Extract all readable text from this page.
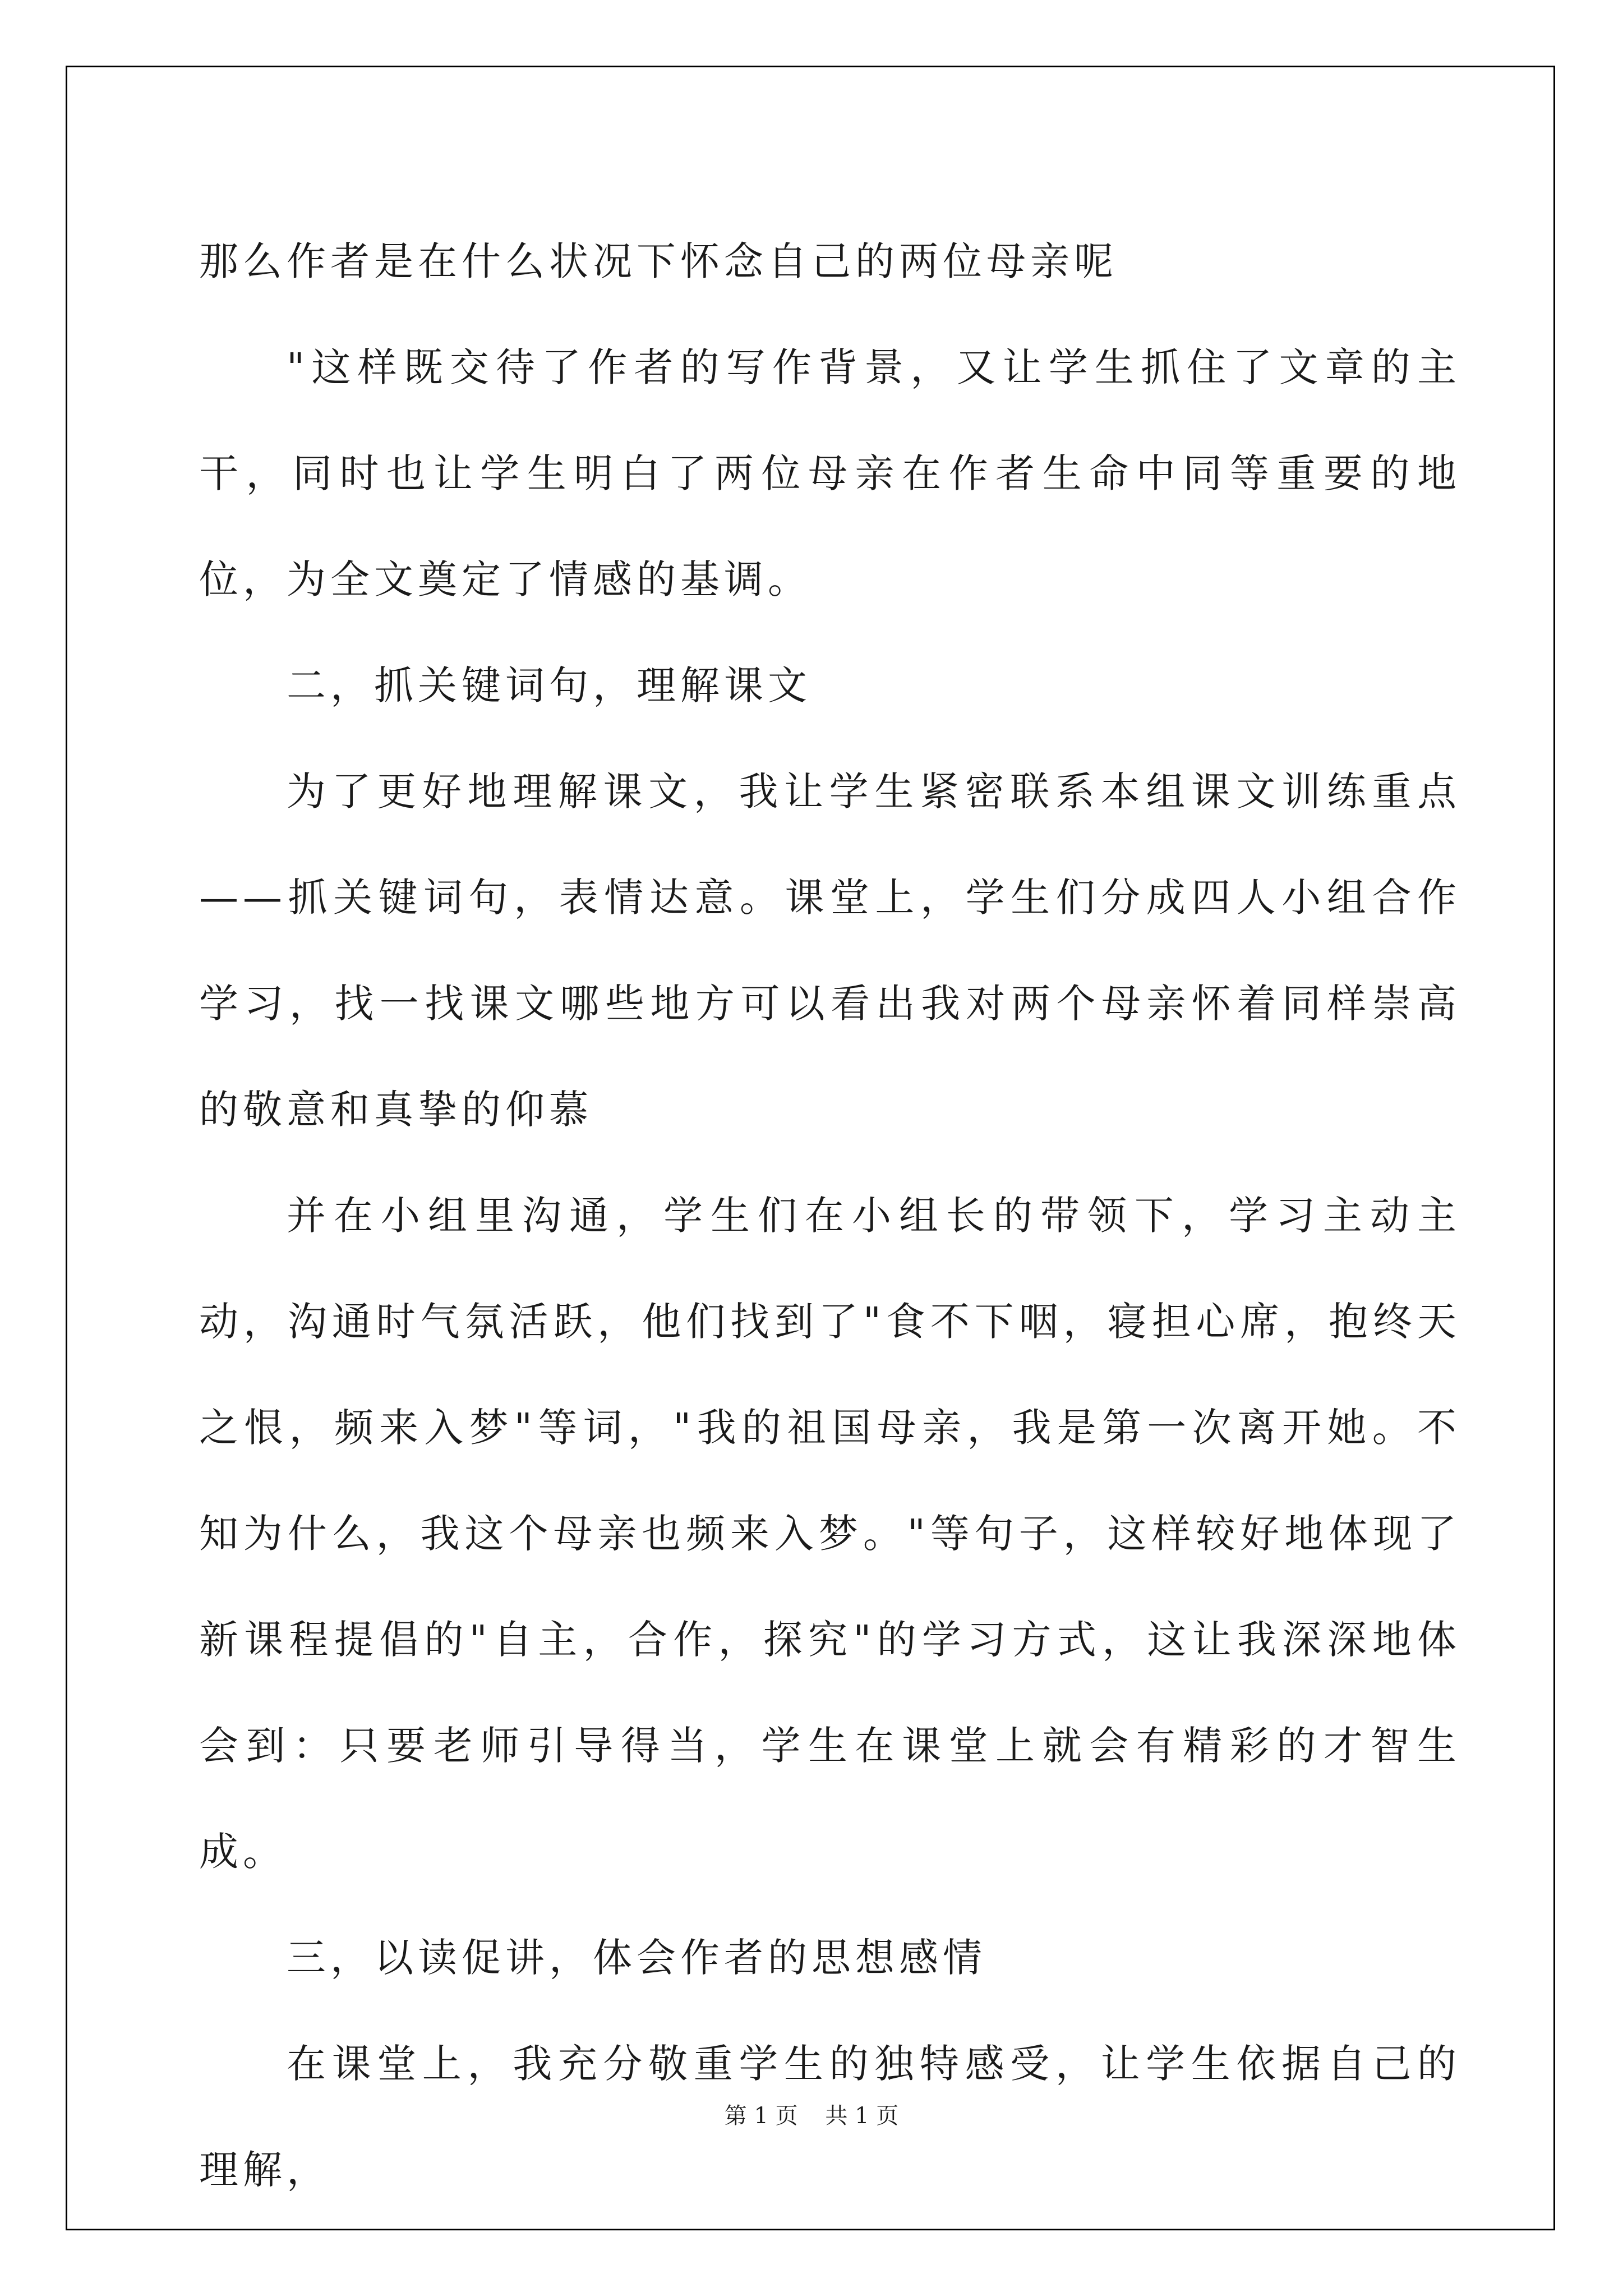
那么作者是在什么状况下怀念自己的两位母亲呢

"这样既交待了作者的写作背景，又让学生抓住了文章的主干，同时也让学生明白了两位母亲在作者生命中同等重要的地位，为全文奠定了情感的基调。

二，抓关键词句，理解课文

为了更好地理解课文，我让学生紧密联系本组课文训练重点——抓关键词句，表情达意。课堂上，学生们分成四人小组合作学习，找一找课文哪些地方可以看出我对两个母亲怀着同样崇高的敬意和真挚的仰慕

并在小组里沟通，学生们在小组长的带领下，学习主动主动，沟通时气氛活跃，他们找到了"食不下咽，寝担心席，抱终天之恨，频来入梦"等词，"我的祖国母亲，我是第一次离开她。不知为什么，我这个母亲也频来入梦。"等句子，这样较好地体现了新课程提倡的"自主，合作，探究"的学习方式，这让我深深地体会到：只要老师引导得当，学生在课堂上就会有精彩的才智生成。

三，以读促讲，体会作者的思想感情

在课堂上，我充分敬重学生的独特感受，让学生依据自己的理解，

第 1 页 共 1 页
